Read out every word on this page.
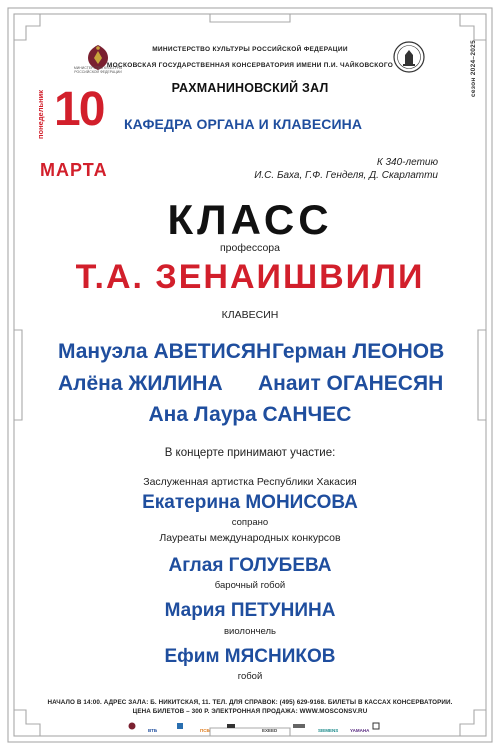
МИНИСТЕРСТВО КУЛЬТУРЫ РОССИЙСКОЙ ФЕДЕРАЦИИ	сезон 2024–2025
МИНИСТЕРСТВО КУЛЬТУРЫ РОССИЙСКОЙ ФЕДЕРАЦИИ
МОСКОВСКАЯ ГОСУДАРСТВЕННАЯ КОНСЕРВАТОРИЯ ИМЕНИ П.И. ЧАЙКОВСКОГО
РАХМАНИНОВСКИЙ ЗАЛ
понедельник 10
МАРТА
КАФЕДРА ОРГАНА И КЛАВЕСИНА
К 340-летию
И.С. Баха, Г.Ф. Генделя, Д. Скарлатти
КЛАСС
профессора
Т.А. ЗЕНАИШВИЛИ
КЛАВЕСИН
Мануэла АВЕТИСЯН Герман ЛЕОНОВ
Алёна ЖИЛИНА Анаит ОГАНЕСЯН
Ана Лаура САНЧЕС
В концерте принимают участие:
Заслуженная артистка Республики Хакасия
Екатерина МОНИСОВА
сопрано
Лауреаты международных конкурсов
Аглая ГОЛУБЕВА
барочный гобой
Мария ПЕТУНИНА
виолончель
Ефим МЯСНИКОВ
гобой
НАЧАЛО В 14:00. АДРЕС ЗАЛА: Б. НИКИТСКАЯ, 11. ТЕЛ. ДЛЯ СПРАВОК: (495) 629-9168. БИЛЕТЫ В КАССАХ КОНСЕРВАТОРИИ.
ЦЕНА БИЛЕТОВ – 300 Р. ЭЛЕКТРОННАЯ ПРОДАЖА: WWW.MOSCONSV.RU
ВТБ	ПСБ	EXEED	SIEMENS	YAMAHA
